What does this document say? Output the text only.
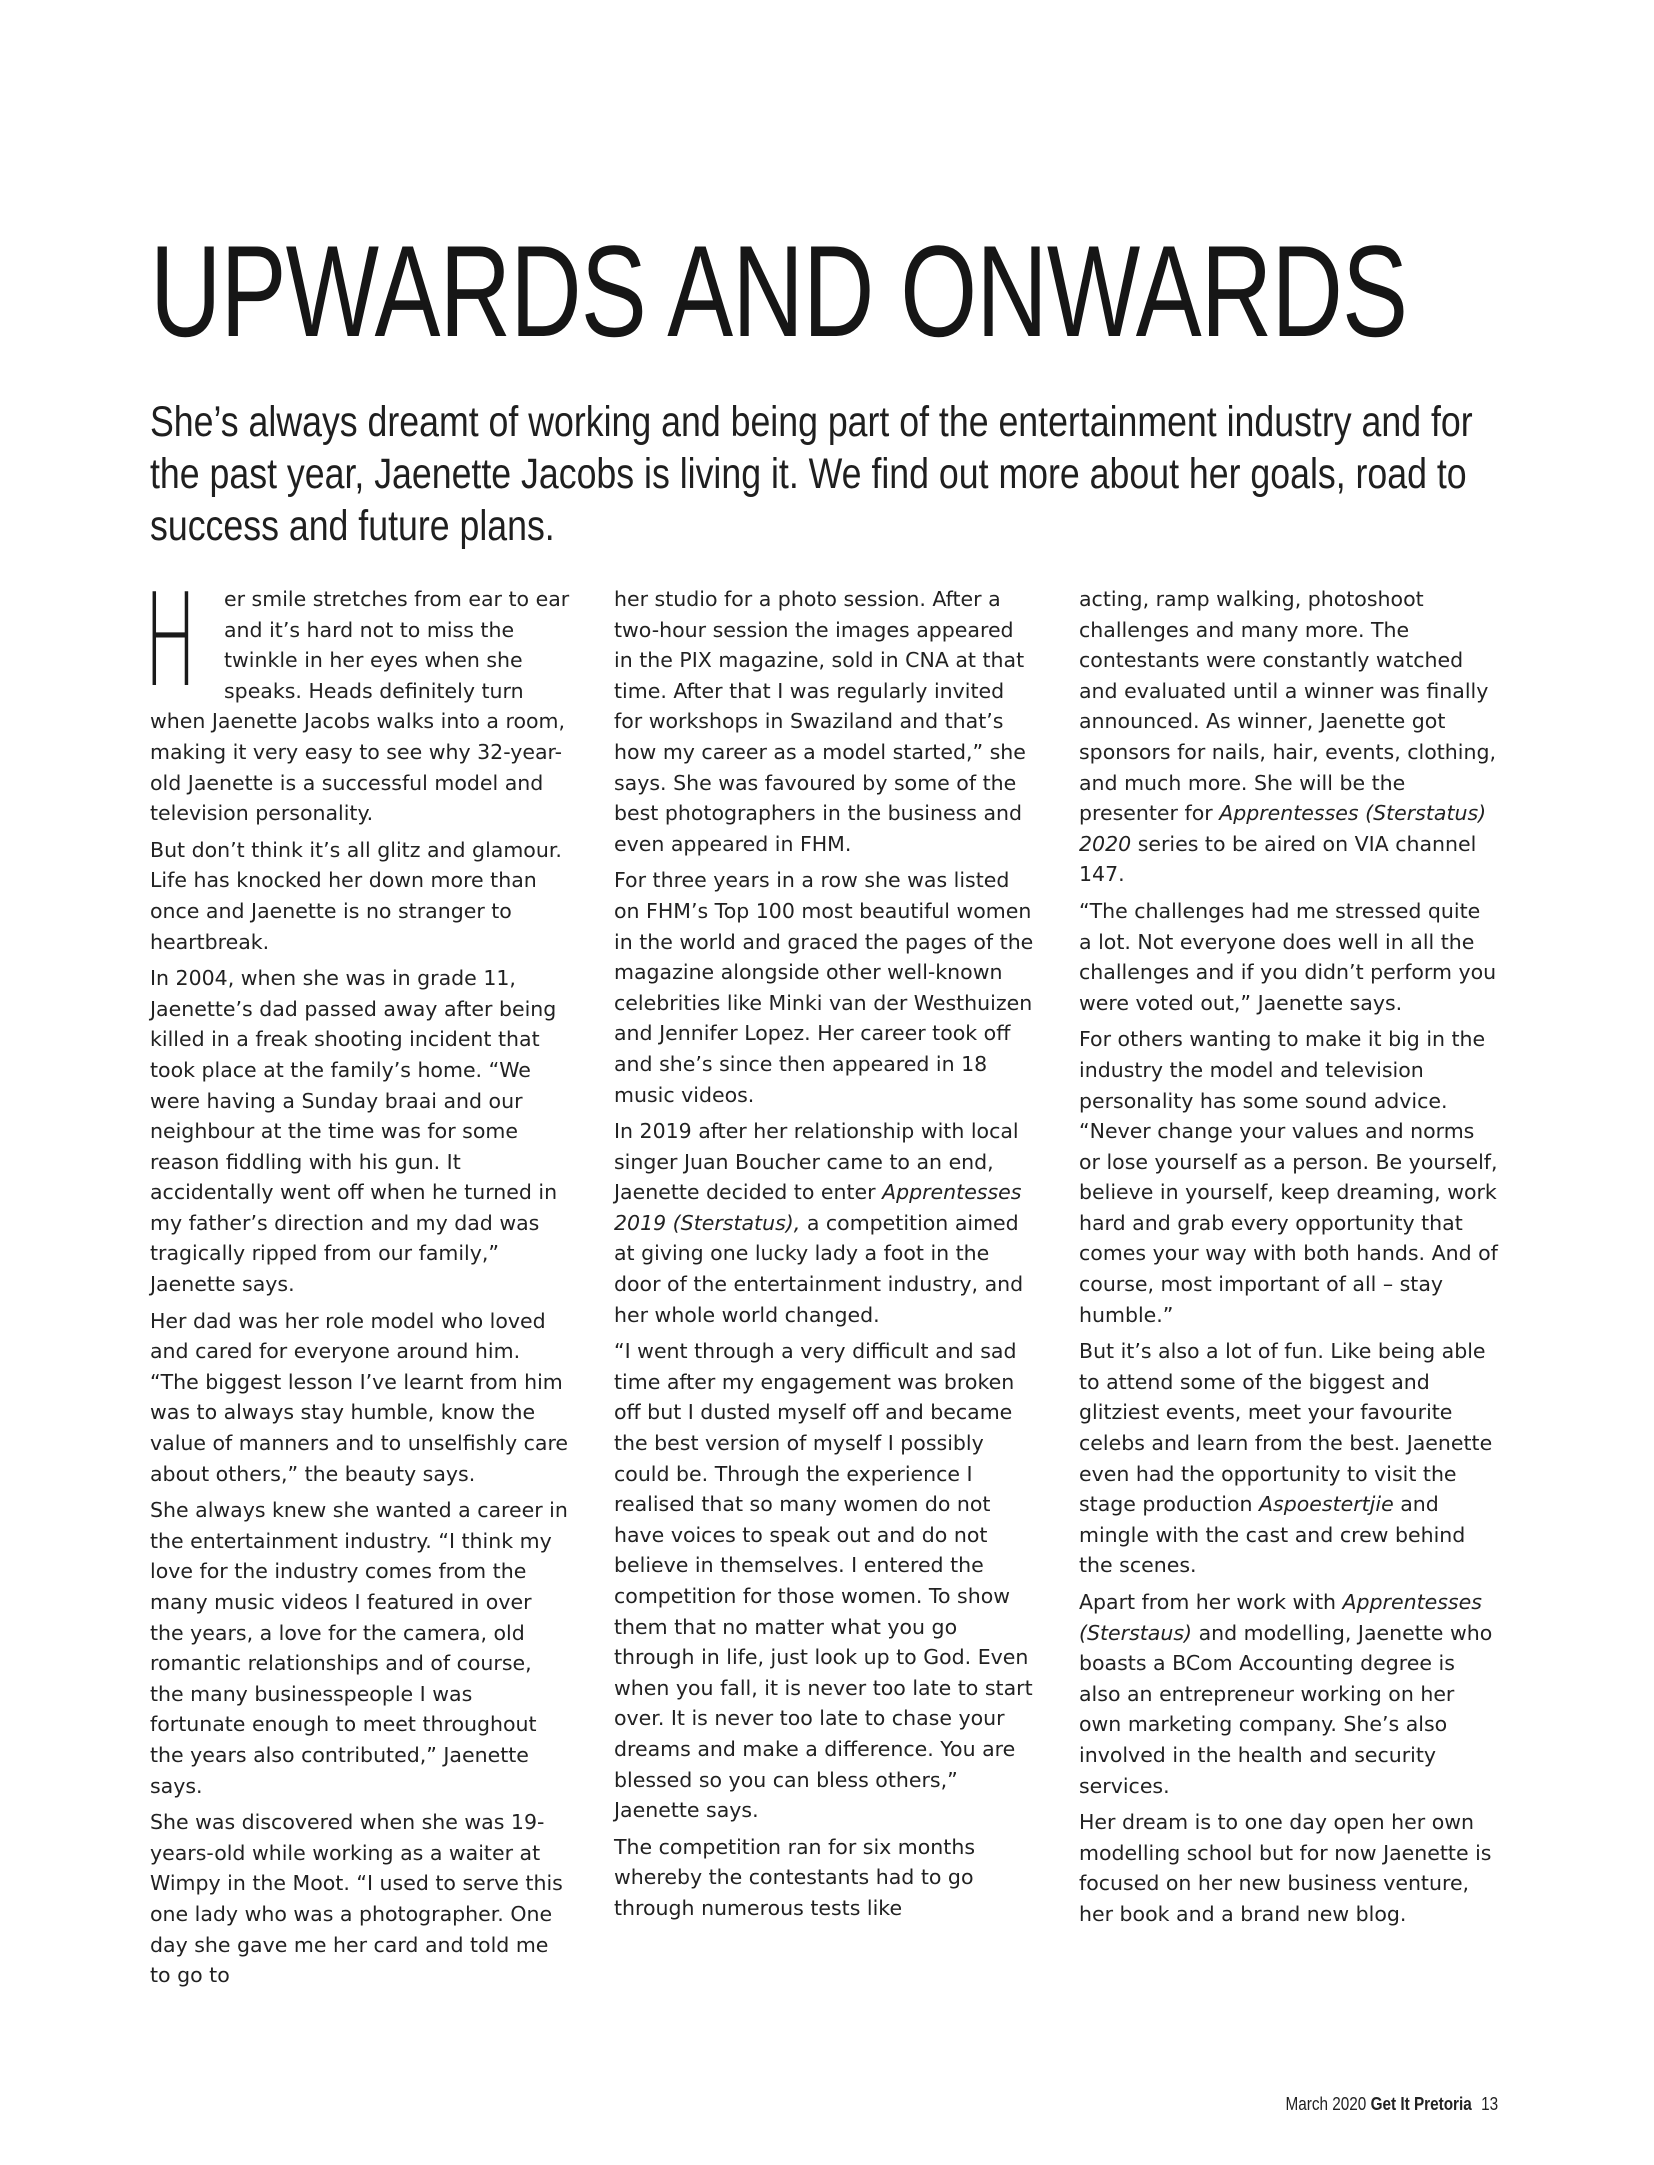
UPWARDS AND ONWARDS
She’s always dreamt of working and being part of the entertainment industry and for the past year, Jaenette Jacobs is living it. We find out more about her goals, road to success and future plans.

H er smile stretches from ear to ear and it’s hard not to miss the twinkle in her eyes when she speaks. Heads definitely turn when Jaenette Jacobs walks into a room, making it very easy to see why 32-year-old Jaenette is a successful model and television personality.

But don’t think it’s all glitz and glamour. Life has knocked her down more than once and Jaenette is no stranger to heartbreak.

In 2004, when she was in grade 11, Jaenette’s dad passed away after being killed in a freak shooting incident that took place at the family’s home. “We were having a Sunday braai and our neighbour at the time was for some reason fiddling with his gun. It accidentally went off when he turned in my father’s direction and my dad was tragically ripped from our family,” Jaenette says.

Her dad was her role model who loved and cared for everyone around him. “The biggest lesson I’ve learnt from him was to always stay humble, know the value of manners and to unselfishly care about others,” the beauty says.

She always knew she wanted a career in the entertainment industry. “I think my love for the industry comes from the many music videos I featured in over the years, a love for the camera, old romantic relationships and of course, the many businesspeople I was fortunate enough to meet throughout the years also contributed,” Jaenette says.

She was discovered when she was 19-years-old while working as a waiter at Wimpy in the Moot. “I used to serve this one lady who was a photographer. One day she gave me her card and told me to go to

her studio for a photo session. After a two-hour session the images appeared in the PIX magazine, sold in CNA at that time. After that I was regularly invited for workshops in Swaziland and that’s how my career as a model started,” she says. She was favoured by some of the best photographers in the business and even appeared in FHM.

For three years in a row she was listed on FHM’s Top 100 most beautiful women in the world and graced the pages of the magazine alongside other well-known celebrities like Minki van der Westhuizen and Jennifer Lopez. Her career took off and she’s since then appeared in 18 music videos.

In 2019 after her relationship with local singer Juan Boucher came to an end, Jaenette decided to enter Apprentesses 2019 (Sterstatus), a competition aimed at giving one lucky lady a foot in the door of the entertainment industry, and her whole world changed.

“I went through a very difficult and sad time after my engagement was broken off but I dusted myself off and became the best version of myself I possibly could be. Through the experience I realised that so many women do not have voices to speak out and do not believe in themselves. I entered the competition for those women. To show them that no matter what you go through in life, just look up to God. Even when you fall, it is never too late to start over. It is never too late to chase your dreams and make a difference. You are blessed so you can bless others,” Jaenette says.

The competition ran for six months whereby the contestants had to go through numerous tests like

acting, ramp walking, photoshoot challenges and many more. The contestants were constantly watched and evaluated until a winner was finally announced. As winner, Jaenette got sponsors for nails, hair, events, clothing, and much more. She will be the presenter for Apprentesses (Sterstatus) 2020 series to be aired on VIA channel 147.

“The challenges had me stressed quite a lot. Not everyone does well in all the challenges and if you didn’t perform you were voted out,” Jaenette says.

For others wanting to make it big in the industry the model and television personality has some sound advice. “Never change your values and norms or lose yourself as a person. Be yourself, believe in yourself, keep dreaming, work hard and grab every opportunity that comes your way with both hands. And of course, most important of all – stay humble.”

But it’s also a lot of fun. Like being able to attend some of the biggest and glitziest events, meet your favourite celebs and learn from the best. Jaenette even had the opportunity to visit the stage production Aspoestertjie and mingle with the cast and crew behind the scenes.

Apart from her work with Apprentesses (Sterstaus) and modelling, Jaenette who boasts a BCom Accounting degree is also an entrepreneur working on her own marketing company. She’s also involved in the health and security services.

Her dream is to one day open her own modelling school but for now Jaenette is focused on her new business venture, her book and a brand new blog.

March 2020 Get It Pretoria 13
